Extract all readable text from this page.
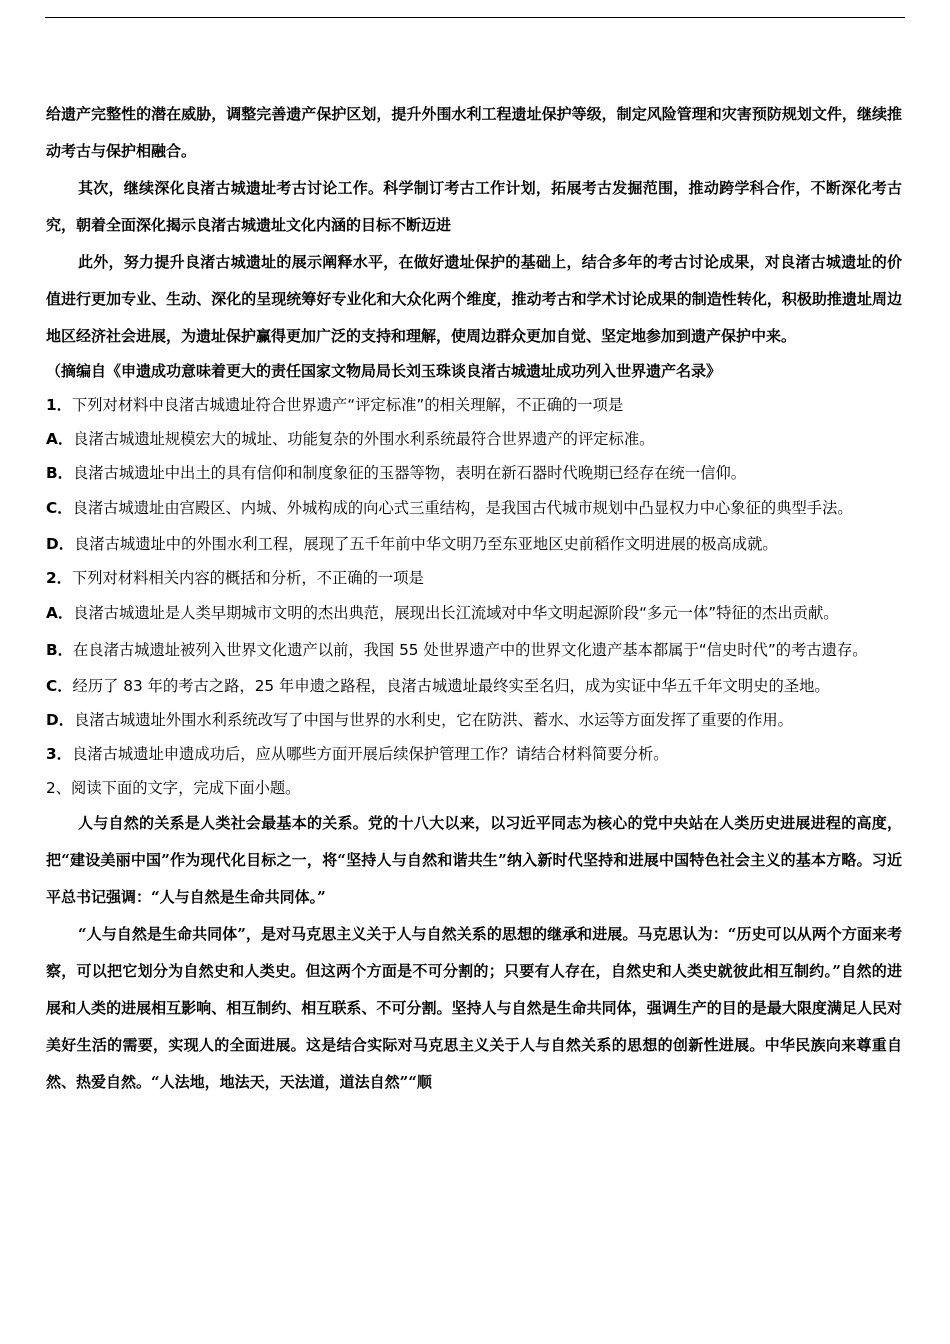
给遗产完整性的潜在威胁，调整完善遗产保护区划，提升外围水利工程遗址保护等级，制定风险管理和灾害预防规划文件，继续推动考古与保护相融合。

其次，继续深化良渚古城遗址考古讨论工作。科学制订考古工作计划，拓展考古发掘范围，推动跨学科合作，不断深化考古究，朝着全面深化揭示良渚古城遗址文化内涵的目标不断迈进

此外，努力提升良渚古城遗址的展示阐释水平，在做好遗址保护的基础上，结合多年的考古讨论成果，对良渚古城遗址的价值进行更加专业、生动、深化的呈现统筹好专业化和大众化两个维度，推动考古和学术讨论成果的制造性转化，积极助推遗址周边地区经济社会进展，为遗址保护赢得更加广泛的支持和理解，使周边群众更加自觉、坚定地参加到遗产保护中来。

（摘编自《申遗成功意味着更大的责任国家文物局局长刘玉珠谈良渚古城遗址成功列入世界遗产名录》

1．下列对材料中良渚古城遗址符合世界遗产“评定标准”的相关理解，不正确的一项是

A．良渚古城遗址规模宏大的城址、功能复杂的外围水利系统最符合世界遗产的评定标准。

B．良渚古城遗址中出土的具有信仰和制度象征的玉器等物，表明在新石器时代晚期已经存在统一信仰。

C．良渚古城遗址由宫殿区、内城、外城构成的向心式三重结构，是我国古代城市规划中凸显权力中心象征的典型手法。

D．良渚古城遗址中的外围水利工程，展现了五千年前中华文明乃至东亚地区史前稻作文明进展的极高成就。

2．下列对材料相关内容的概括和分析，不正确的一项是

A．良渚古城遗址是人类早期城市文明的杰出典范，展现出长江流域对中华文明起源阶段“多元一体”特征的杰出贡献。

B．在良渚古城遗址被列入世界文化遗产以前，我国 55 处世界遗产中的世界文化遗产基本都属于“信史时代”的考古遗存。

C．经历了 83 年的考古之路，25 年申遗之路程，良渚古城遗址最终实至名归，成为实证中华五千年文明史的圣地。

D．良渚古城遗址外围水利系统改写了中国与世界的水利史，它在防洪、蓄水、水运等方面发挥了重要的作用。

3．良渚古城遗址申遗成功后，应从哪些方面开展后续保护管理工作？请结合材料简要分析。

2、阅读下面的文字，完成下面小题。

人与自然的关系是人类社会最基本的关系。党的十八大以来，以习近平同志为核心的党中央站在人类历史进展进程的高度，把“建设美丽中国”作为现代化目标之一，将“坚持人与自然和谐共生”纳入新时代坚持和进展中国特色社会主义的基本方略。习近平总书记强调：“人与自然是生命共同体。”

“人与自然是生命共同体”，是对马克思主义关于人与自然关系的思想的继承和进展。马克思认为：“历史可以从两个方面来考察，可以把它划分为自然史和人类史。但这两个方面是不可分割的；只要有人存在，自然史和人类史就彼此相互制约。”自然的进展和人类的进展相互影响、相互制约、相互联系、不可分割。坚持人与自然是生命共同体，强调生产的目的是最大限度满足人民对美好生活的需要，实现人的全面进展。这是结合实际对马克思主义关于人与自然关系的思想的创新性进展。中华民族向来尊重自然、热爱自然。“人法地，地法天，天法道，道法自然”“顺
